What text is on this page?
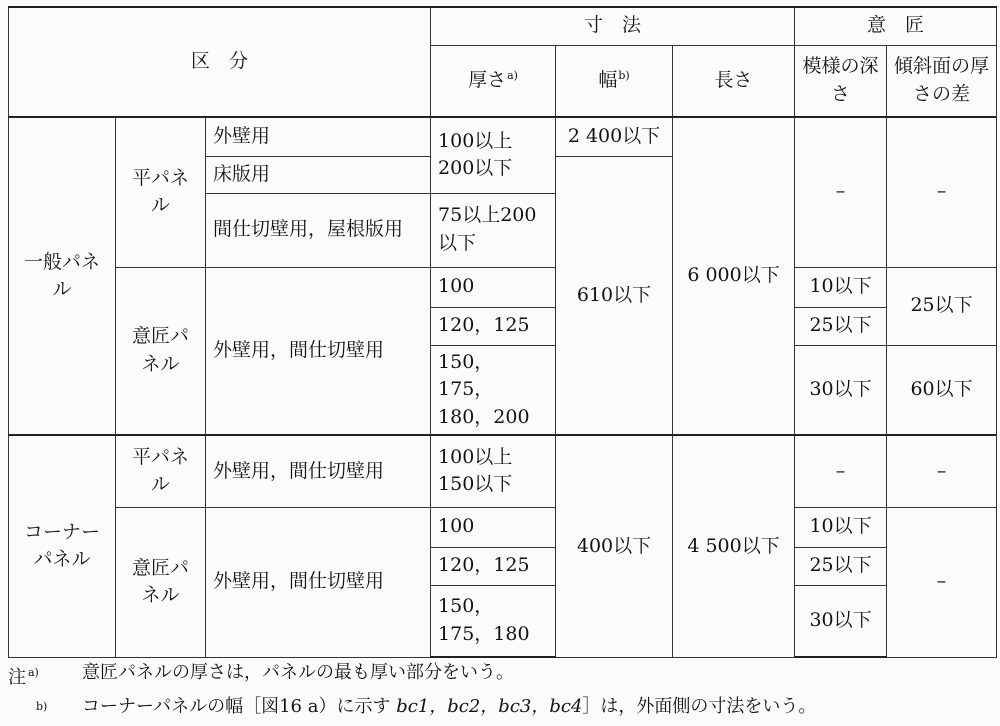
区　分			寸　法			意　匠	
			厚さ$^{a)}$	幅$^{b)}$	長さ	模様の深さ	傾斜面の厚さの差
一般パネル	平パネル	外壁用	100以上200以下	2 400以下	6 000以下	–	–
		床版用		610以下			
		間仕切壁用，屋根版用	75以上200以下				
	意匠パネル	外壁用，間仕切壁用	100			10以下	25以下
			120，125			25以下	

			150，175，180，200			30以下	60以下
コーナーパネル	平パネル	外壁用，間仕切壁用	100以上150以下	400以下	4 500以下	–	–
	意匠パネル	外壁用，間仕切壁用	100			10以下	–
			120，125			25以下	
			150，175，180			30以下	
注 $^{a)}$	意匠パネルの厚さは，パネルの最も厚い部分をいう。
$^{b)}$	コーナーパネルの幅［図16 a）に示す bc1，bc2，bc3，bc4］は，外面側の寸法をいう。
